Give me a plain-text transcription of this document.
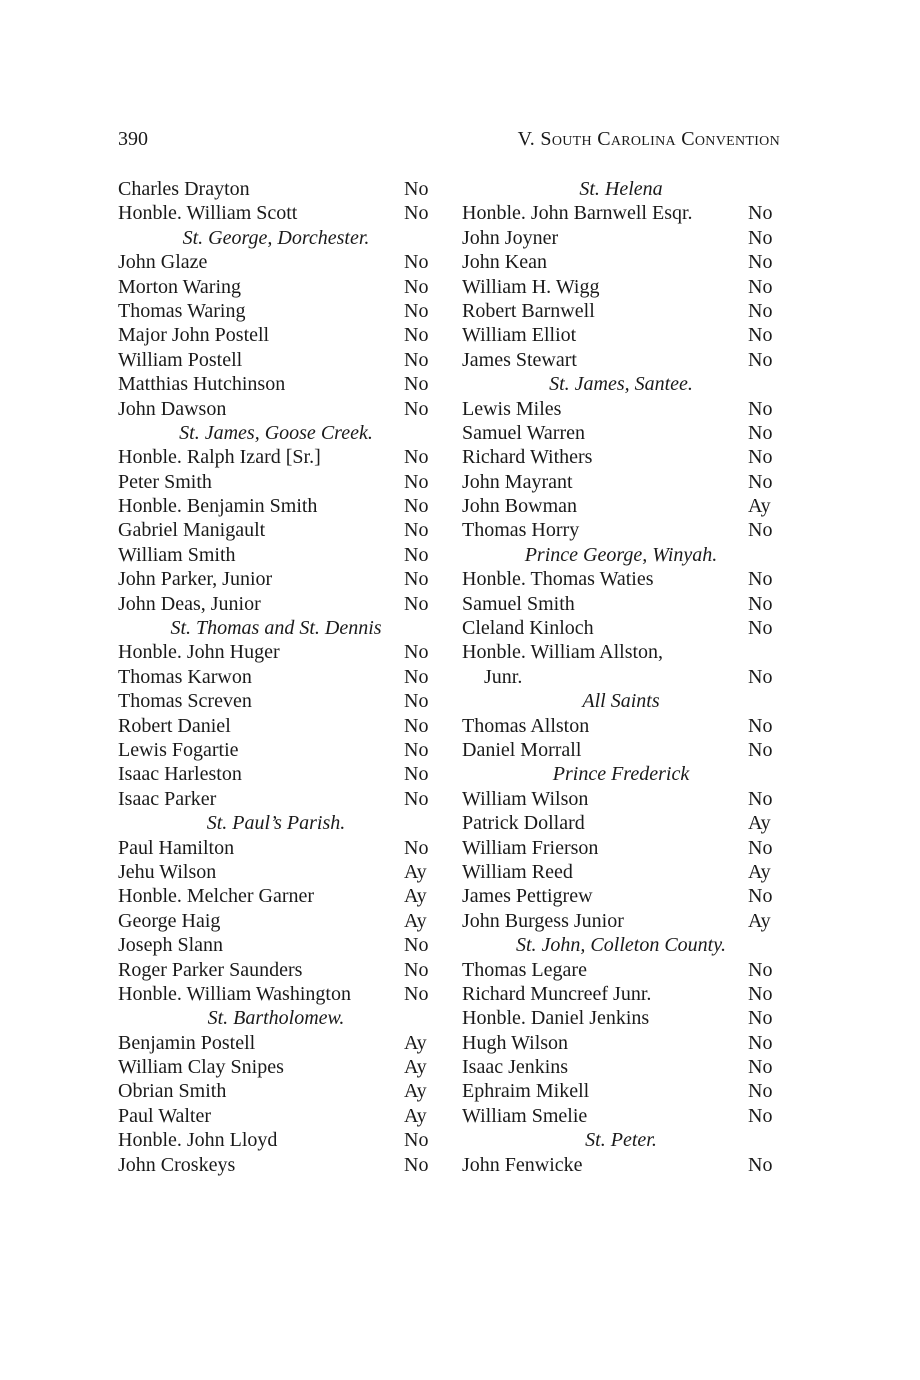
390	V. South Carolina Convention
Charles Drayton	No
Honble. William Scott	No
St. George, Dorchester.
John Glaze	No
Morton Waring	No
Thomas Waring	No
Major John Postell	No
William Postell	No
Matthias Hutchinson	No
John Dawson	No
St. James, Goose Creek.
Honble. Ralph Izard [Sr.]	No
Peter Smith	No
Honble. Benjamin Smith	No
Gabriel Manigault	No
William Smith	No
John Parker, Junior	No
John Deas, Junior	No
St. Thomas and St. Dennis
Honble. John Huger	No
Thomas Karwon	No
Thomas Screven	No
Robert Daniel	No
Lewis Fogartie	No
Isaac Harleston	No
Isaac Parker	No
St. Paul’s Parish.
Paul Hamilton	No
Jehu Wilson	Ay
Honble. Melcher Garner	Ay
George Haig	Ay
Joseph Slann	No
Roger Parker Saunders	No
Honble. William Washington	No
St. Bartholomew.
Benjamin Postell	Ay
William Clay Snipes	Ay
Obrian Smith	Ay
Paul Walter	Ay
Honble. John Lloyd	No
John Croskeys	No
St. Helena
Honble. John Barnwell Esqr.	No
John Joyner	No
John Kean	No
William H. Wigg	No
Robert Barnwell	No
William Elliot	No
James Stewart	No
St. James, Santee.
Lewis Miles	No
Samuel Warren	No
Richard Withers	No
John Mayrant	No
John Bowman	Ay
Thomas Horry	No
Prince George, Winyah.
Honble. Thomas Waties	No
Samuel Smith	No
Cleland Kinloch	No
Honble. William Allston,
Junr.	No
All Saints
Thomas Allston	No
Daniel Morrall	No
Prince Frederick
William Wilson	No
Patrick Dollard	Ay
William Frierson	No
William Reed	Ay
James Pettigrew	No
John Burgess Junior	Ay
St. John, Colleton County.
Thomas Legare	No
Richard Muncreef Junr.	No
Honble. Daniel Jenkins	No
Hugh Wilson	No
Isaac Jenkins	No
Ephraim Mikell	No
William Smelie	No
St. Peter.
John Fenwicke	No
